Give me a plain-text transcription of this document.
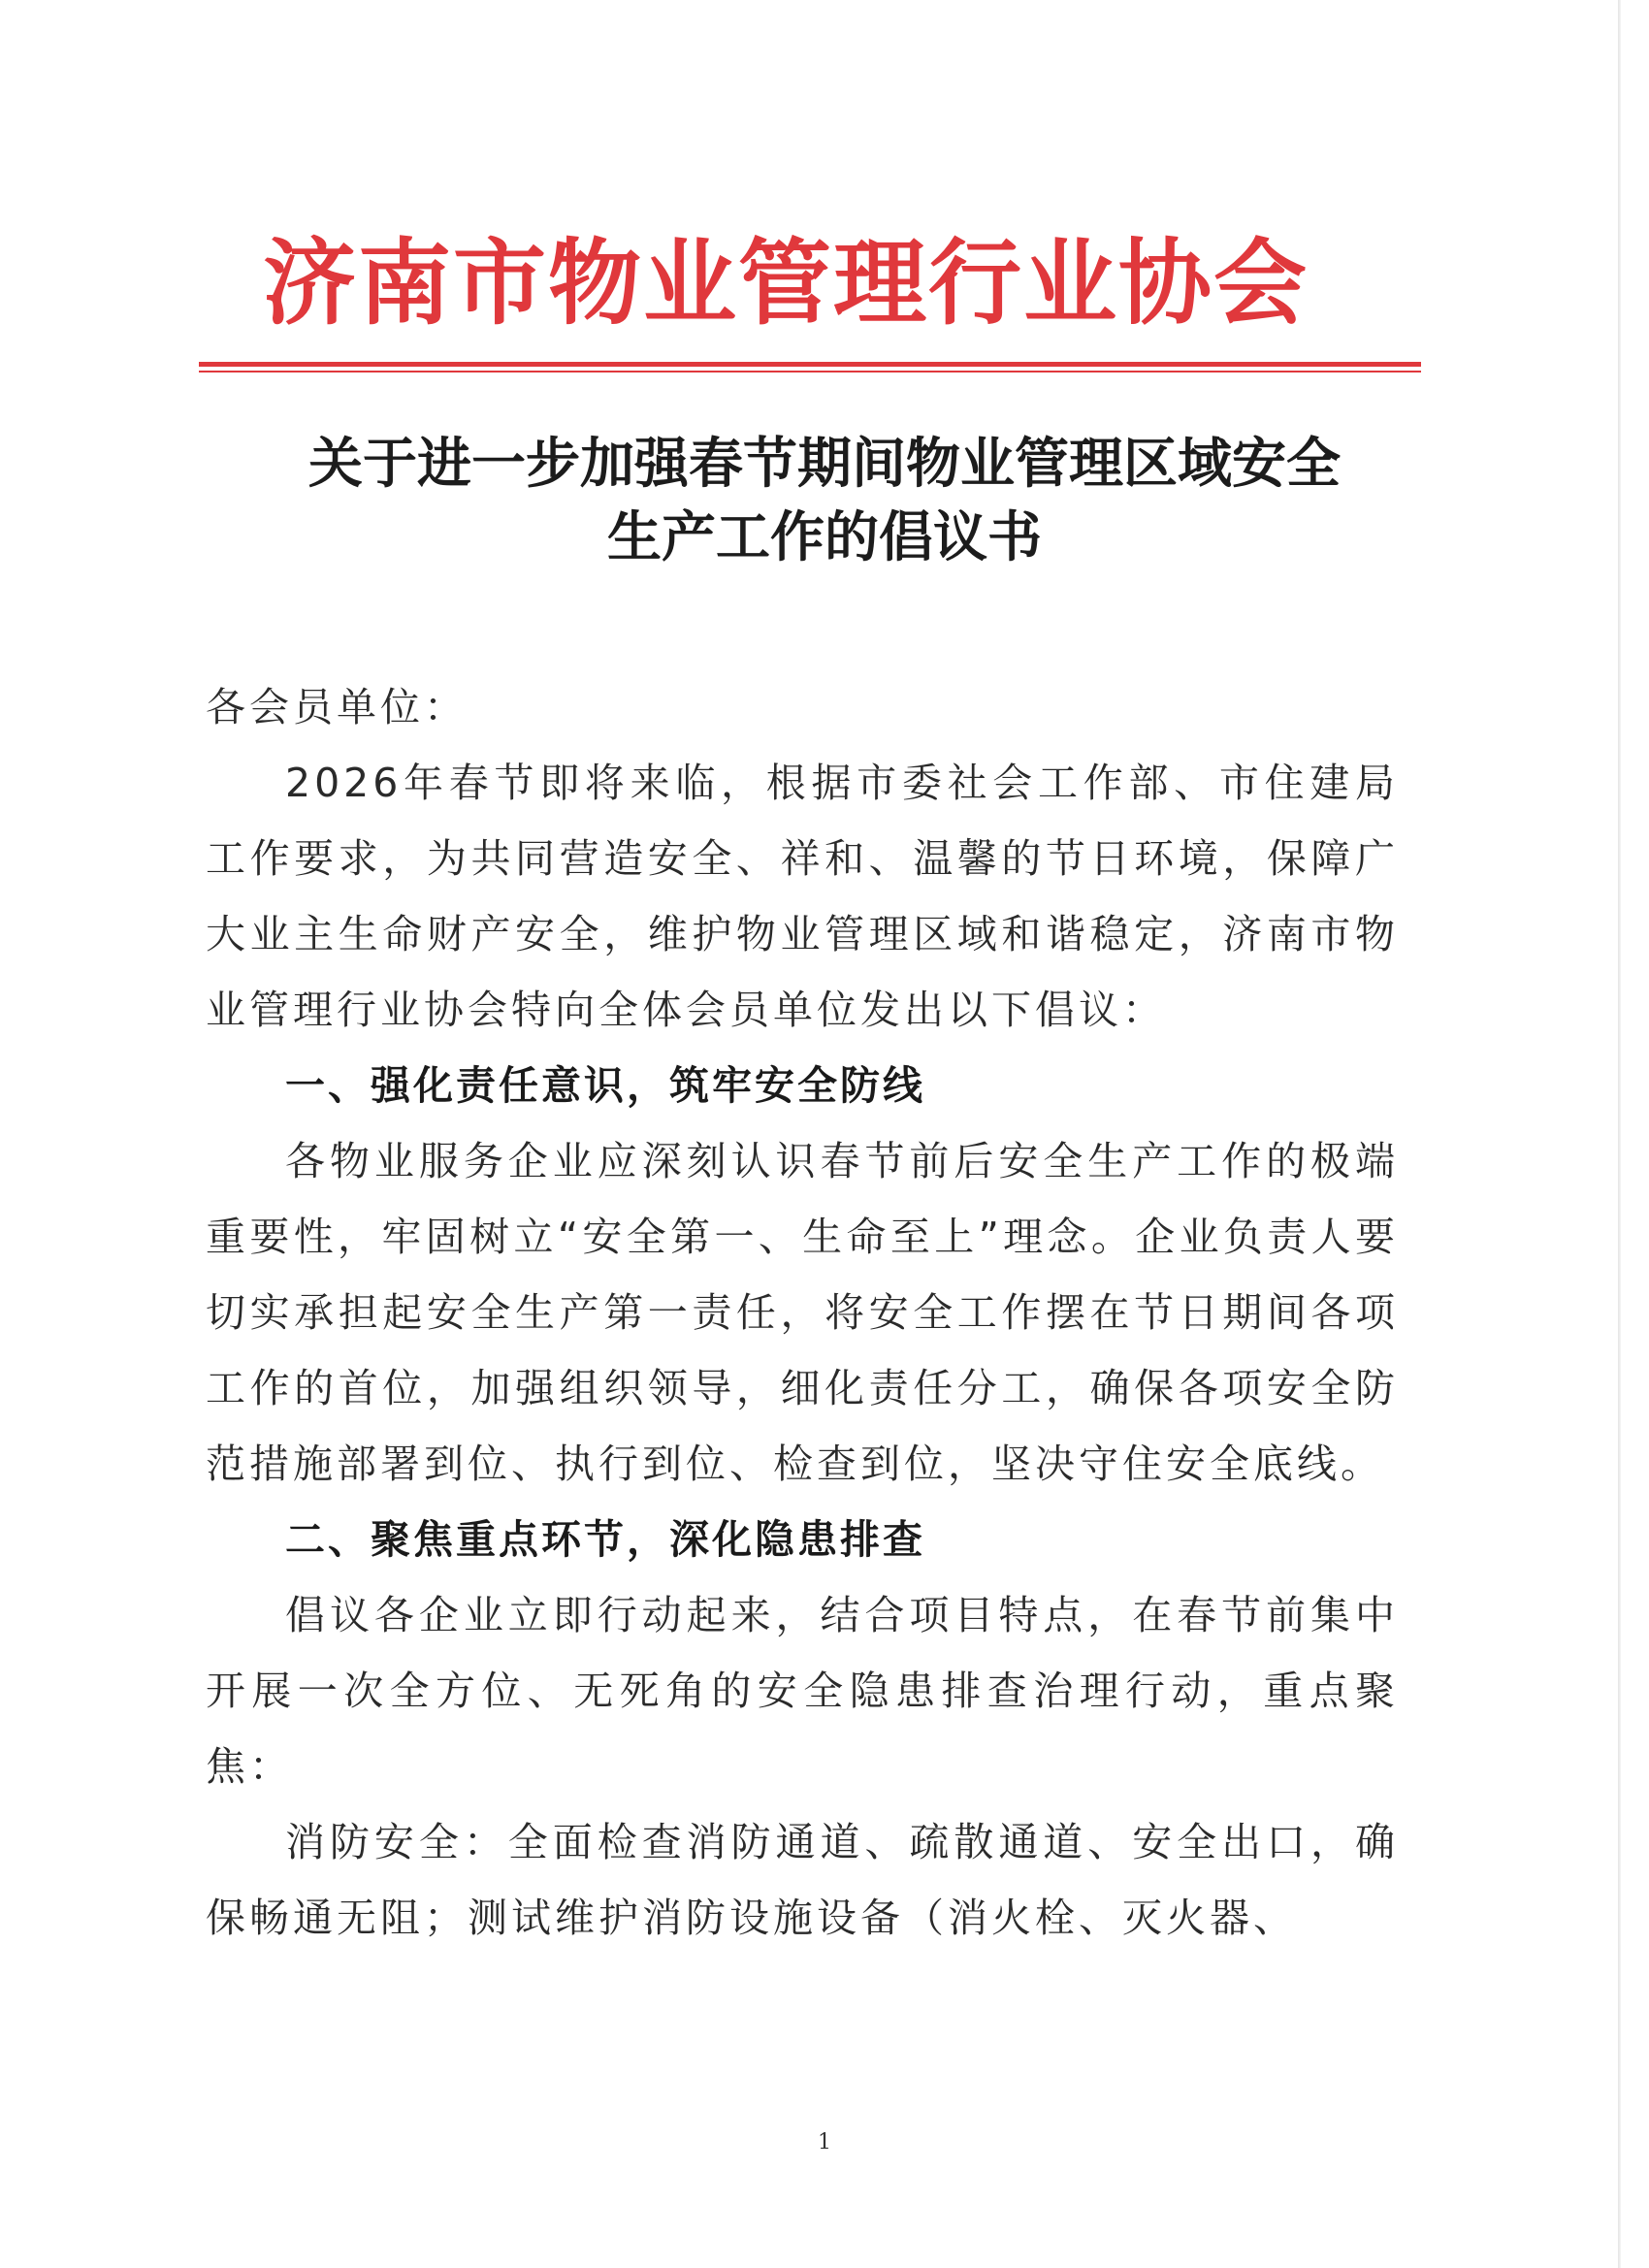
济南市物业管理行业协会
关于进一步加强春节期间物业管理区域安全
生产工作的倡议书

各会员单位：

2026年春节即将来临，根据市委社会工作部、市住建局工作要求，为共同营造安全、祥和、温馨的节日环境，保障广大业主生命财产安全，维护物业管理区域和谐稳定，济南市物业管理行业协会特向全体会员单位发出以下倡议：

一、强化责任意识，筑牢安全防线

各物业服务企业应深刻认识春节前后安全生产工作的极端重要性，牢固树立“安全第一、生命至上”理念。企业负责人要切实承担起安全生产第一责任，将安全工作摆在节日期间各项工作的首位，加强组织领导，细化责任分工，确保各项安全防范措施部署到位、执行到位、检查到位，坚决守住安全底线。

二、聚焦重点环节，深化隐患排查

倡议各企业立即行动起来，结合项目特点，在春节前集中开展一次全方位、无死角的安全隐患排查治理行动，重点聚焦：

消防安全：全面检查消防通道、疏散通道、安全出口，确保畅通无阻；测试维护消防设施设备（消火栓、灭火器、

1
